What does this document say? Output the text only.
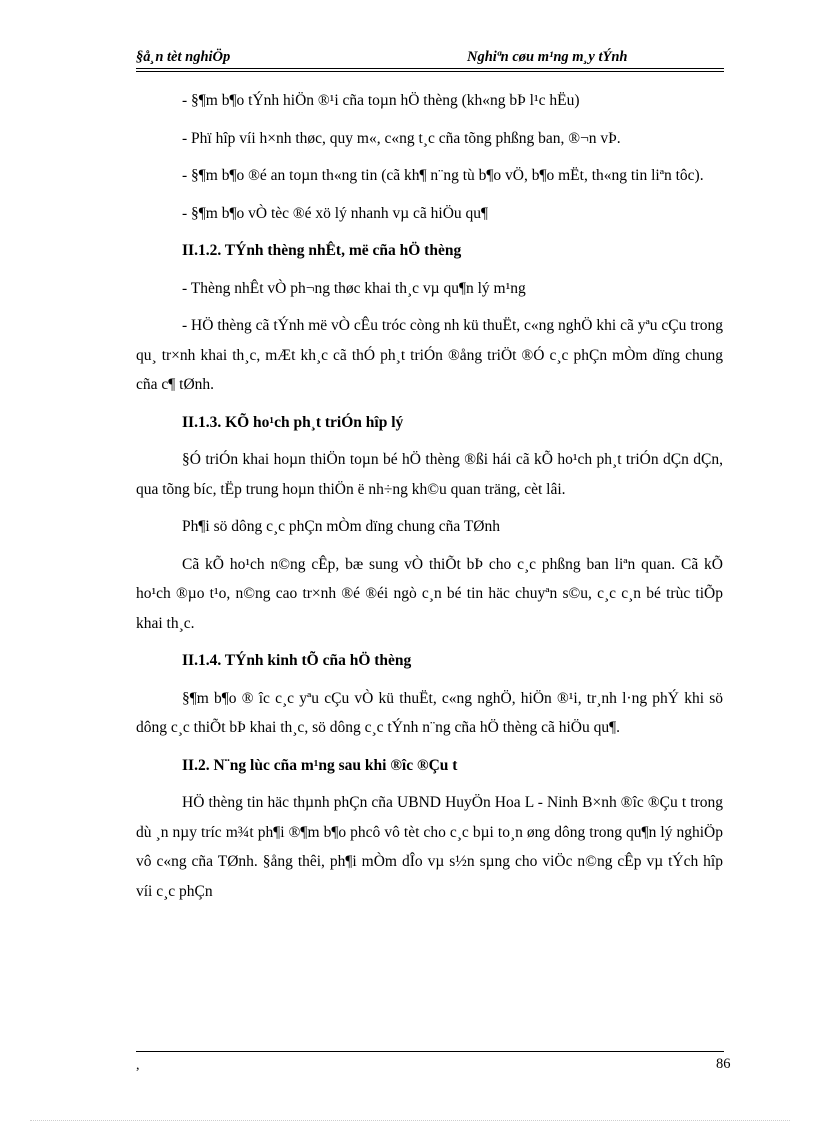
§å¸n tèt nghiÖp	Nghiªn cøu m¹ng m¸y tÝnh

- §¶m b¶o tÝnh hiÖn ®¹i cña toµn hÖ thèng (kh«ng bÞ l¹c hËu)

- Phï hîp víi h×nh thøc, quy m«, c«ng t¸c cña tõng phßng ban, ®¬n vÞ.

- §¶m b¶o ®é an toµn th«ng tin (cã kh¶ n¨ng tù b¶o vÖ, b¶o mËt, th«ng tin liªn tôc).

- §¶m b¶o vÒ tèc ®é xö lý nhanh vµ cã hiÖu qu¶

II.1.2. TÝnh thèng nhÊt, më cña hÖ thèng

- Thèng nhÊt vÒ ph¬ng thøc khai th¸c vµ qu¶n lý m¹ng

- HÖ thèng cã tÝnh më vÒ cÊu tróc còng nh kü thuËt, c«ng nghÖ khi cã yªu cÇu trong qu¸ tr×nh khai th¸c, mÆt kh¸c cã thÓ ph¸t triÓn ®ång triÖt ®Ó c¸c phÇn mÒm dïng chung cña c¶ tØnh.

II.1.3. KÕ ho¹ch ph¸t triÓn hîp lý

§Ó triÓn khai hoµn thiÖn toµn bé hÖ thèng ®ßi hái cã kÕ ho¹ch ph¸t triÓn dÇn dÇn, qua tõng bíc, tËp trung hoµn thiÖn ë nh÷ng kh©u quan träng, cèt lâi.

Ph¶i sö dông c¸c phÇn mÒm dïng chung cña TØnh

Cã kÕ ho¹ch n©ng cÊp, bæ sung vÒ thiÕt bÞ cho c¸c phßng ban liªn quan. Cã kÕ ho¹ch ®µo t¹o, n©ng cao tr×nh ®é ®éi ngò c¸n bé tin häc chuyªn s©u, c¸c c¸n bé trùc tiÕp khai th¸c.

II.1.4. TÝnh kinh tÕ cña hÖ thèng

§¶m b¶o ® îc c¸c yªu cÇu vÒ kü thuËt, c«ng nghÖ, hiÖn ®¹i, tr¸nh l·ng phÝ khi sö dông c¸c thiÕt bÞ khai th¸c, sö dông c¸c tÝnh n¨ng cña hÖ thèng cã hiÖu qu¶.

II.2. N¨ng lùc cña m¹ng sau khi ®îc ®Çu t

HÖ thèng tin häc thµnh phÇn cña UBND HuyÖn Hoa L - Ninh B×nh ®îc ®Çu t trong dù ¸n nµy tríc m¾t ph¶i ®¶m b¶o phcô vô tèt cho c¸c bµi to¸n øng dông trong qu¶n lý nghiÖp vô c«ng cña TØnh. §ång thêi, ph¶i mÒm dÎo vµ s½n sµng cho viÖc n©ng cÊp vµ tÝch hîp víi c¸c phÇn

,	86
